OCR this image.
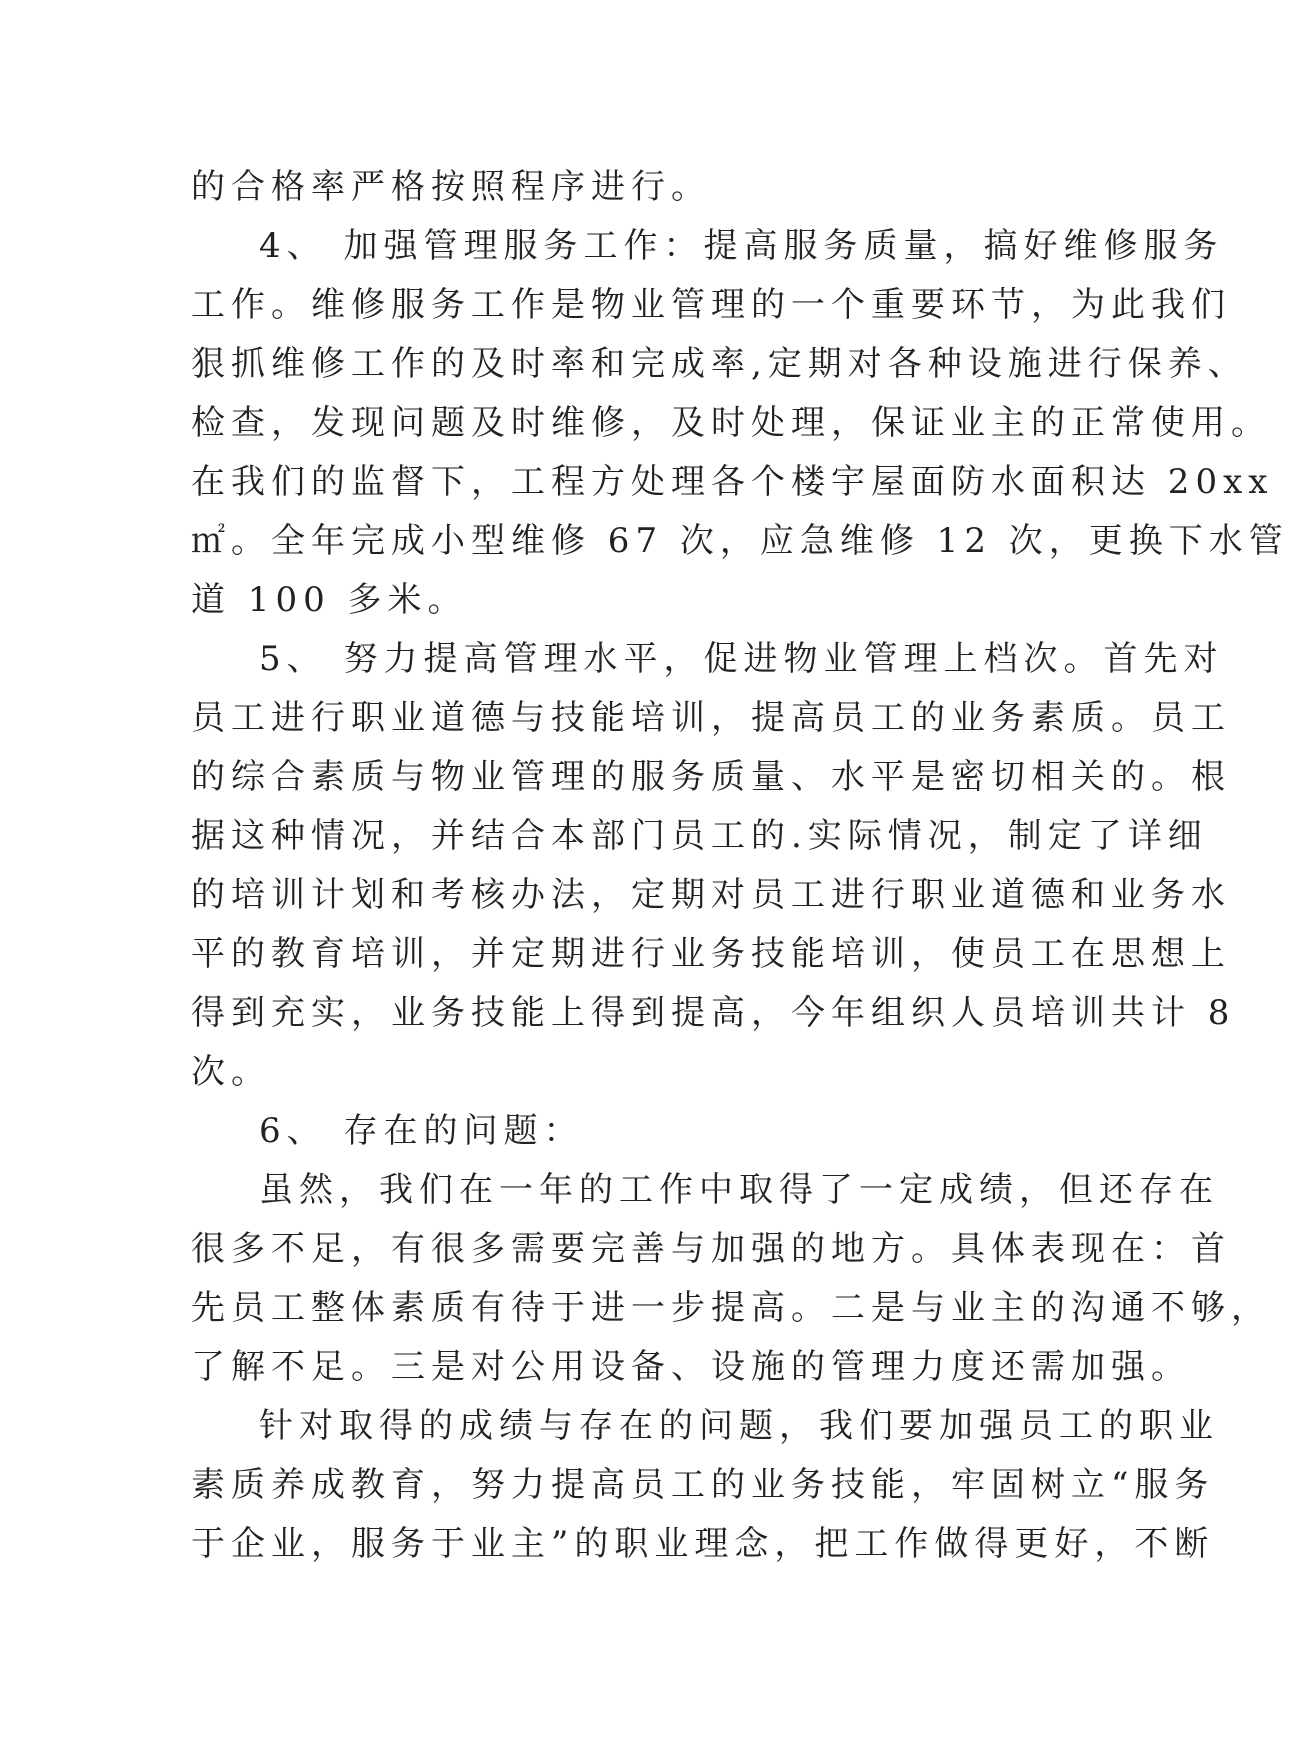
的合格率严格按照程序进行。
4、 加强管理服务工作：提高服务质量，搞好维修服务
工作。维修服务工作是物业管理的一个重要环节，为此我们
狠抓维修工作的及时率和完成率,定期对各种设施进行保养、
检查，发现问题及时维修，及时处理，保证业主的正常使用。
在我们的监督下，工程方处理各个楼宇屋面防水面积达 20xx
㎡。全年完成小型维修 67 次，应急维修 12 次，更换下水管
道 100 多米。
5、 努力提高管理水平，促进物业管理上档次。首先对
员工进行职业道德与技能培训，提高员工的业务素质。员工
的综合素质与物业管理的服务质量、水平是密切相关的。根
据这种情况，并结合本部门员工的.实际情况，制定了详细
的培训计划和考核办法，定期对员工进行职业道德和业务水
平的教育培训，并定期进行业务技能培训，使员工在思想上
得到充实，业务技能上得到提高，今年组织人员培训共计 8
次。
6、 存在的问题：
虽然，我们在一年的工作中取得了一定成绩，但还存在
很多不足，有很多需要完善与加强的地方。具体表现在：首
先员工整体素质有待于进一步提高。二是与业主的沟通不够，
了解不足。三是对公用设备、设施的管理力度还需加强。
针对取得的成绩与存在的问题，我们要加强员工的职业
素质养成教育，努力提高员工的业务技能，牢固树立“服务
于企业，服务于业主”的职业理念，把工作做得更好，不断
